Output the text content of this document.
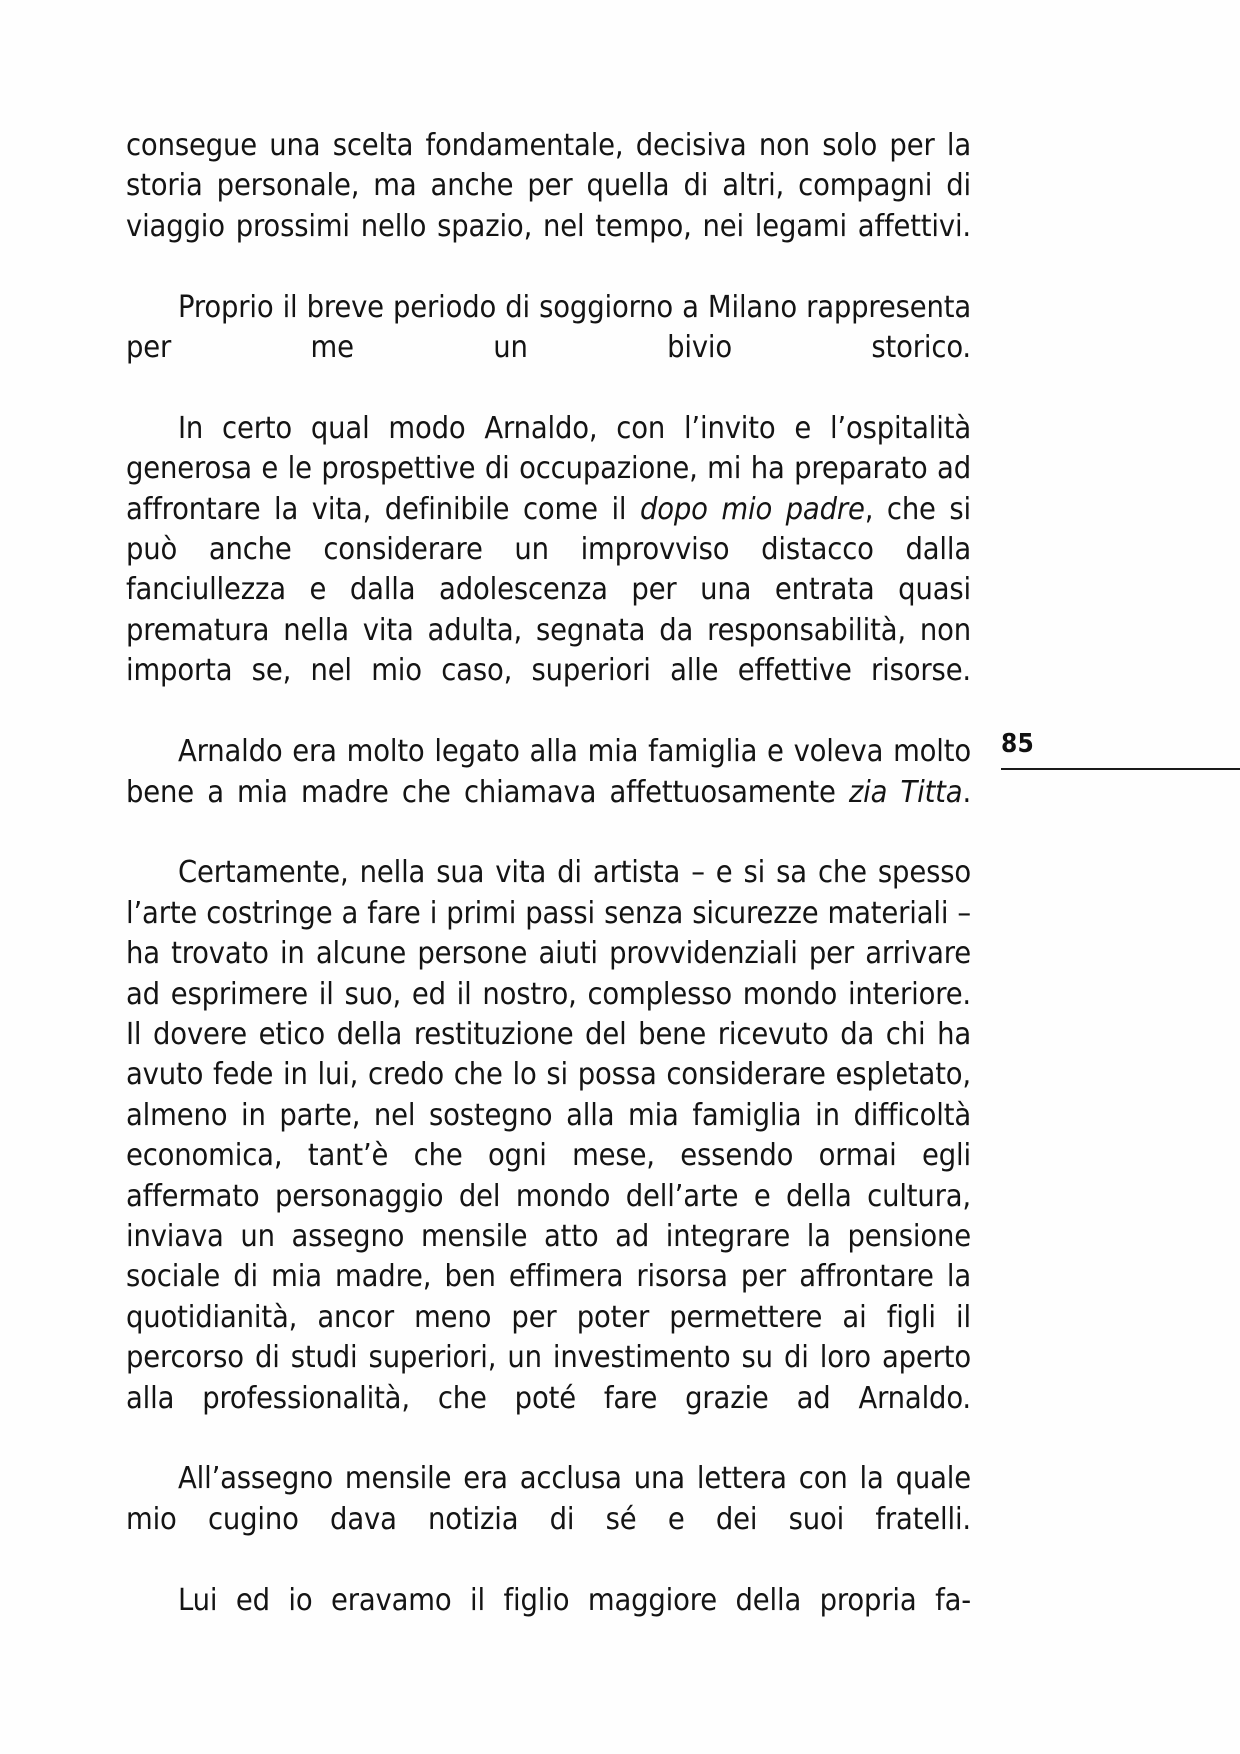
consegue una scelta fondamentale, decisiva non solo per la storia personale, ma anche per quella di altri, compagni di viaggio prossimi nello spazio, nel tempo, nei legami affettivi.

Proprio il breve periodo di soggiorno a Milano rappresenta per me un bivio storico.

In certo qual modo Arnaldo, con l’invito e l’ospitalità generosa e le prospettive di occupazione, mi ha preparato ad affrontare la vita, definibile come il dopo mio padre, che si può anche considerare un improvviso distacco dalla fanciullezza e dalla adolescenza per una entrata quasi prematura nella vita adulta, segnata da responsabilità, non importa se, nel mio caso, superiori alle effettive risorse.

Arnaldo era molto legato alla mia famiglia e voleva molto bene a mia madre che chiamava affettuosamente zia Titta.

Certamente, nella sua vita di artista – e si sa che spesso l’arte costringe a fare i primi passi senza sicurezze materiali – ha trovato in alcune persone aiuti provvidenziali per arrivare ad esprimere il suo, ed il nostro, complesso mondo interiore. Il dovere etico della restituzione del bene ricevuto da chi ha avuto fede in lui, credo che lo si possa considerare espletato, almeno in parte, nel sostegno alla mia famiglia in difficoltà economica, tant’è che ogni mese, essendo ormai egli affermato personaggio del mondo dell’arte e della cultura, inviava un assegno mensile atto ad integrare la pensione sociale di mia madre, ben effimera risorsa per affrontare la quotidianità, ancor meno per poter permettere ai figli il percorso di studi superiori, un investimento su di loro aperto alla professionalità, che poté fare grazie ad Arnaldo.

All’assegno mensile era acclusa una lettera con la quale mio cugino dava notizia di sé e dei suoi fratelli.

Lui ed io eravamo il figlio maggiore della propria fa-

85
